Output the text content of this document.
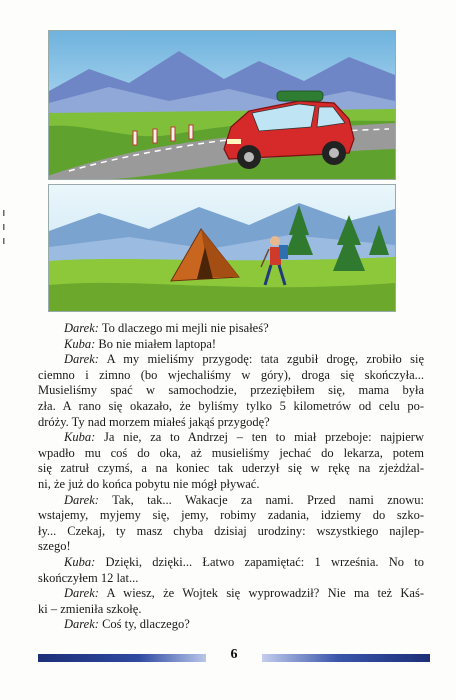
Darek: To dlaczego mi mejli nie pisałeś?
Kuba: Bo nie miałem laptopa!
Darek: A my mieliśmy przygodę: tata zgubił drogę, zrobiło się
ciemno i zimno (bo wjechaliśmy w góry), droga się skończyła...
Musieliśmy spać w samochodzie, przeziębiłem się, mama była
zła. A rano się okazało, że byliśmy tylko 5 kilometrów od celu po-
dróży. Ty nad morzem miałeś jakąś przygodę?
Kuba: Ja nie, za to Andrzej – ten to miał przeboje: najpierw
wpadło mu coś do oka, aż musieliśmy jechać do lekarza, potem
się zatruł czymś, a na koniec tak uderzył się w rękę na zjeżdżal-
ni, że już do końca pobytu nie mógł pływać.
Darek: Tak, tak... Wakacje za nami. Przed nami znowu:
wstajemy, myjemy się, jemy, robimy zadania, idziemy do szko-
ły... Czekaj, ty masz chyba dzisiaj urodziny: wszystkiego najlep-
szego!
Kuba: Dzięki, dzięki... Łatwo zapamiętać: 1 września. No to
skończyłem 12 lat...
Darek: A wiesz, że Wojtek się wyprowadził? Nie ma też Kaś-
ki – zmieniła szkołę.
Darek: Coś ty, dlaczego?
6
